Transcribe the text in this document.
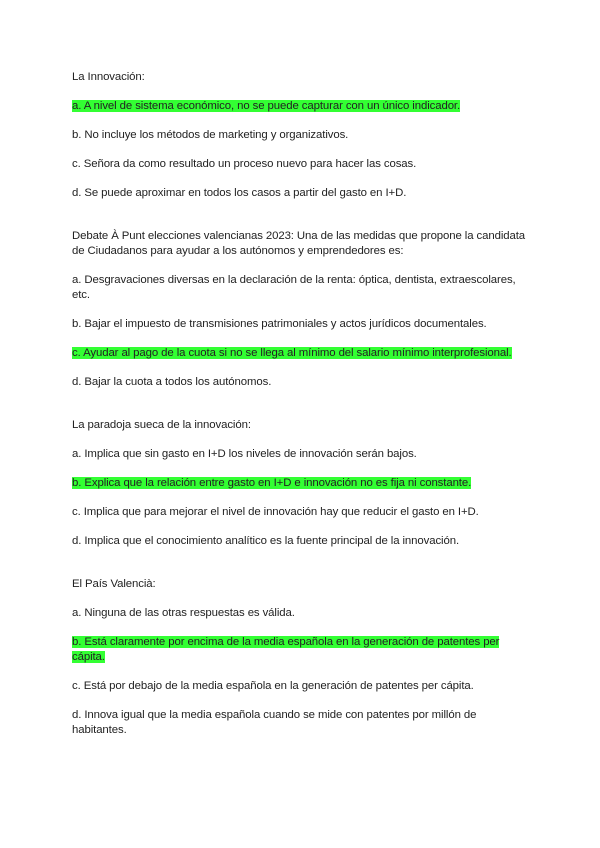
La Innovación:

a. A nivel de sistema económico, no se puede capturar con un único indicador.

b. No incluye los métodos de marketing y organizativos.

c. Señora da como resultado un proceso nuevo para hacer las cosas.

d. Se puede aproximar en todos los casos a partir del gasto en I+D.

Debate À Punt elecciones valencianas 2023: Una de las medidas que propone la candidata de Ciudadanos para ayudar a los autónomos y emprendedores es:

a. Desgravaciones diversas en la declaración de la renta: óptica, dentista, extraescolares, etc.

b. Bajar el impuesto de transmisiones patrimoniales y actos jurídicos documentales.

c. Ayudar al pago de la cuota si no se llega al mínimo del salario mínimo interprofesional.

d. Bajar la cuota a todos los autónomos.

La paradoja sueca de la innovación:

a. Implica que sin gasto en I+D los niveles de innovación serán bajos.

b. Explica que la relación entre gasto en I+D e innovación no es fija ni constante.

c. Implica que para mejorar el nivel de innovación hay que reducir el gasto en I+D.

d. Implica que el conocimiento analítico es la fuente principal de la innovación.

El País Valencià:

a. Ninguna de las otras respuestas es válida.

b. Está claramente por encima de la media española en la generación de patentes per cápita.

c. Está por debajo de la media española en la generación de patentes per cápita.

d. Innova igual que la media española cuando se mide con patentes por millón de habitantes.
